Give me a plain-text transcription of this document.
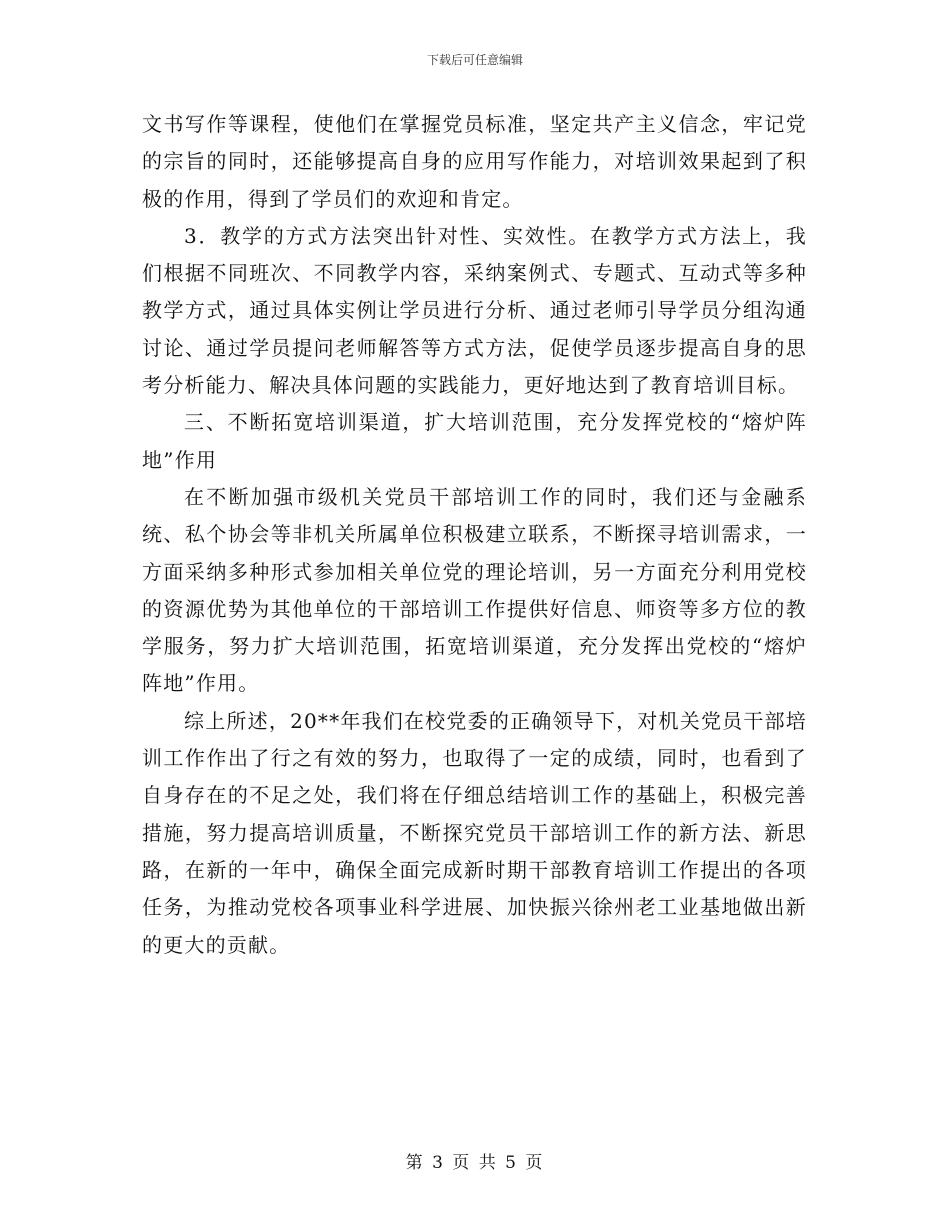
下载后可任意编辑

文书写作等课程，使他们在掌握党员标准，坚定共产主义信念，牢记党的宗旨的同时，还能够提高自身的应用写作能力，对培训效果起到了积极的作用，得到了学员们的欢迎和肯定。

3．教学的方式方法突出针对性、实效性。在教学方式方法上，我们根据不同班次、不同教学内容，采纳案例式、专题式、互动式等多种教学方式，通过具体实例让学员进行分析、通过老师引导学员分组沟通讨论、通过学员提问老师解答等方式方法，促使学员逐步提高自身的思考分析能力、解决具体问题的实践能力，更好地达到了教育培训目标。

三、不断拓宽培训渠道，扩大培训范围，充分发挥党校的“熔炉阵地”作用

在不断加强市级机关党员干部培训工作的同时，我们还与金融系统、私个协会等非机关所属单位积极建立联系，不断探寻培训需求，一方面采纳多种形式参加相关单位党的理论培训，另一方面充分利用党校的资源优势为其他单位的干部培训工作提供好信息、师资等多方位的教学服务，努力扩大培训范围，拓宽培训渠道，充分发挥出党校的“熔炉阵地”作用。

综上所述，20**年我们在校党委的正确领导下，对机关党员干部培训工作作出了行之有效的努力，也取得了一定的成绩，同时，也看到了自身存在的不足之处，我们将在仔细总结培训工作的基础上，积极完善措施，努力提高培训质量，不断探究党员干部培训工作的新方法、新思路，在新的一年中，确保全面完成新时期干部教育培训工作提出的各项任务，为推动党校各项事业科学进展、加快振兴徐州老工业基地做出新的更大的贡献。

第 3 页 共 5 页
